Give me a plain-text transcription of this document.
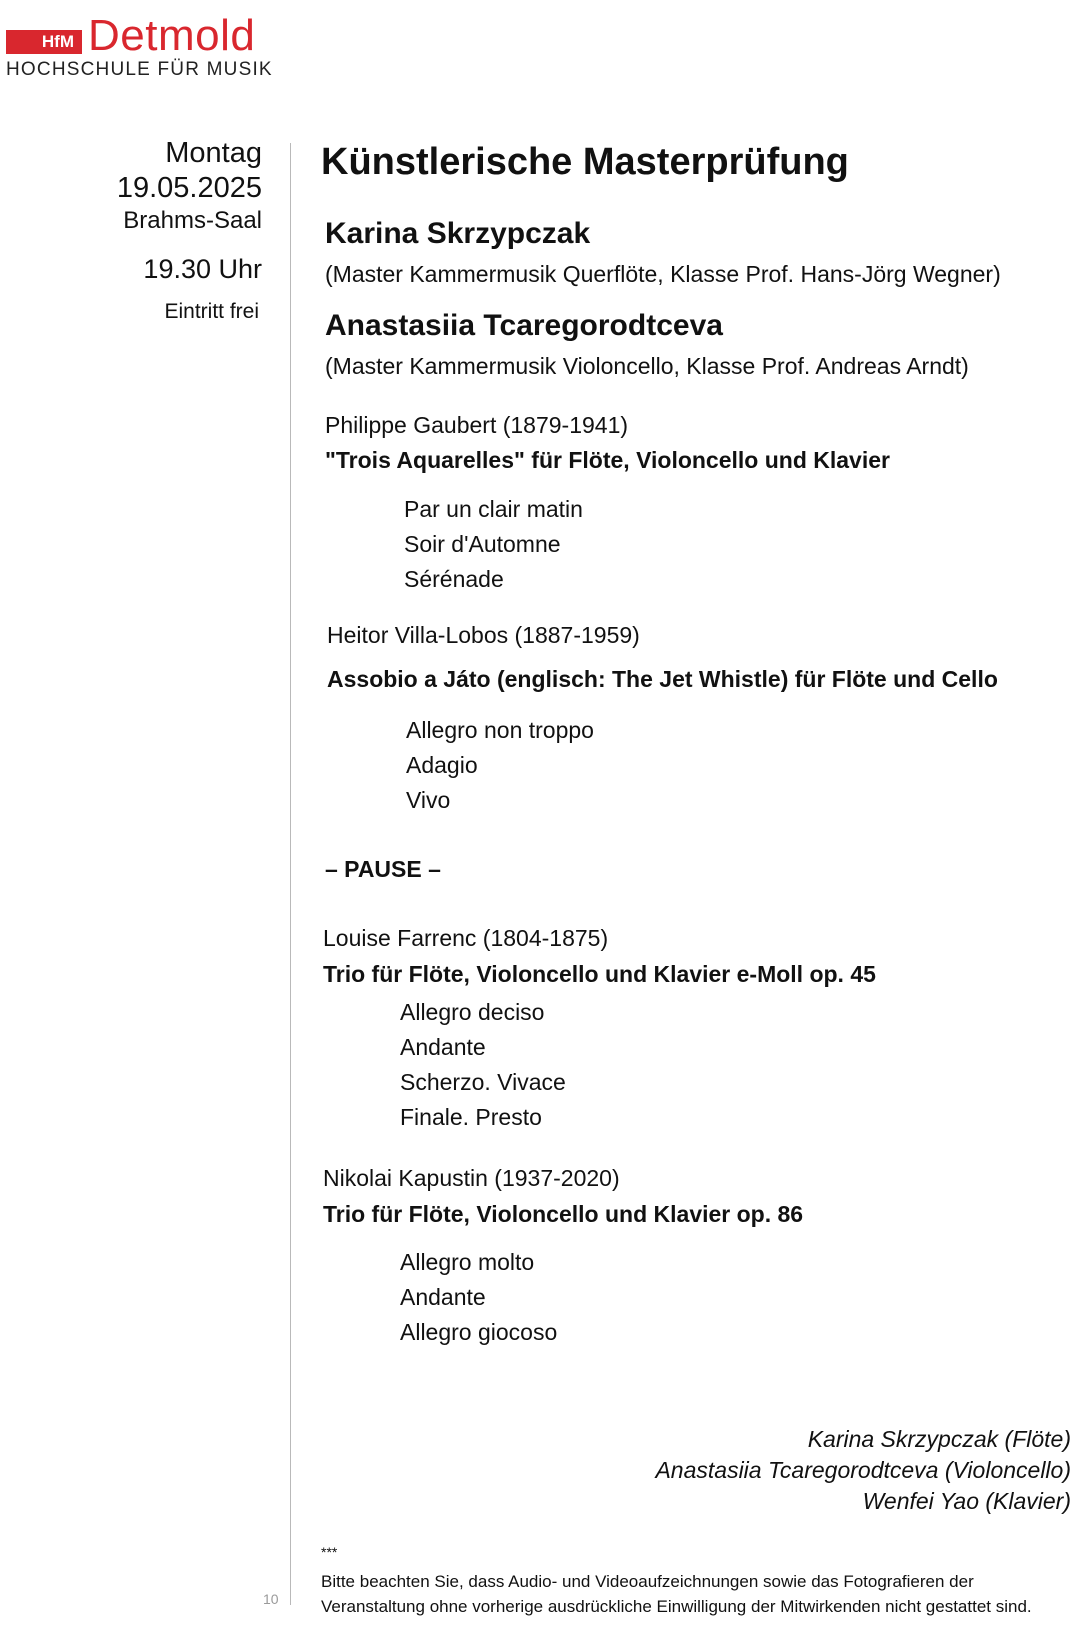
HfM Detmold
HOCHSCHULE FÜR MUSIK
Montag
19.05.2025
Brahms-Saal
19.30 Uhr
Eintritt frei
Künstlerische Masterprüfung
Karina Skrzypczak
(Master Kammermusik Querflöte, Klasse Prof. Hans-Jörg Wegner)
Anastasiia Tcaregorodtceva
(Master Kammermusik Violoncello, Klasse Prof. Andreas Arndt)
Philippe Gaubert (1879-1941)
"Trois Aquarelles" für Flöte, Violoncello und Klavier
Par un clair matin
Soir d'Automne
Sérénade
Heitor Villa-Lobos (1887-1959)
Assobio a Játo (englisch: The Jet Whistle) für Flöte und Cello
Allegro non troppo
Adagio
Vivo
– PAUSE –
Louise Farrenc (1804-1875)
Trio für Flöte, Violoncello und Klavier e-Moll op. 45
Allegro deciso
Andante
Scherzo. Vivace
Finale. Presto
Nikolai Kapustin (1937-2020)
Trio für Flöte, Violoncello und Klavier op. 86
Allegro molto
Andante
Allegro giocoso
Karina Skrzypczak (Flöte)
Anastasiia Tcaregorodtceva (Violoncello)
Wenfei Yao (Klavier)
***
Bitte beachten Sie, dass Audio- und Videoaufzeichnungen sowie das Fotografieren der Veranstaltung ohne vorherige ausdrückliche Einwilligung der Mitwirkenden nicht gestattet sind.
10
